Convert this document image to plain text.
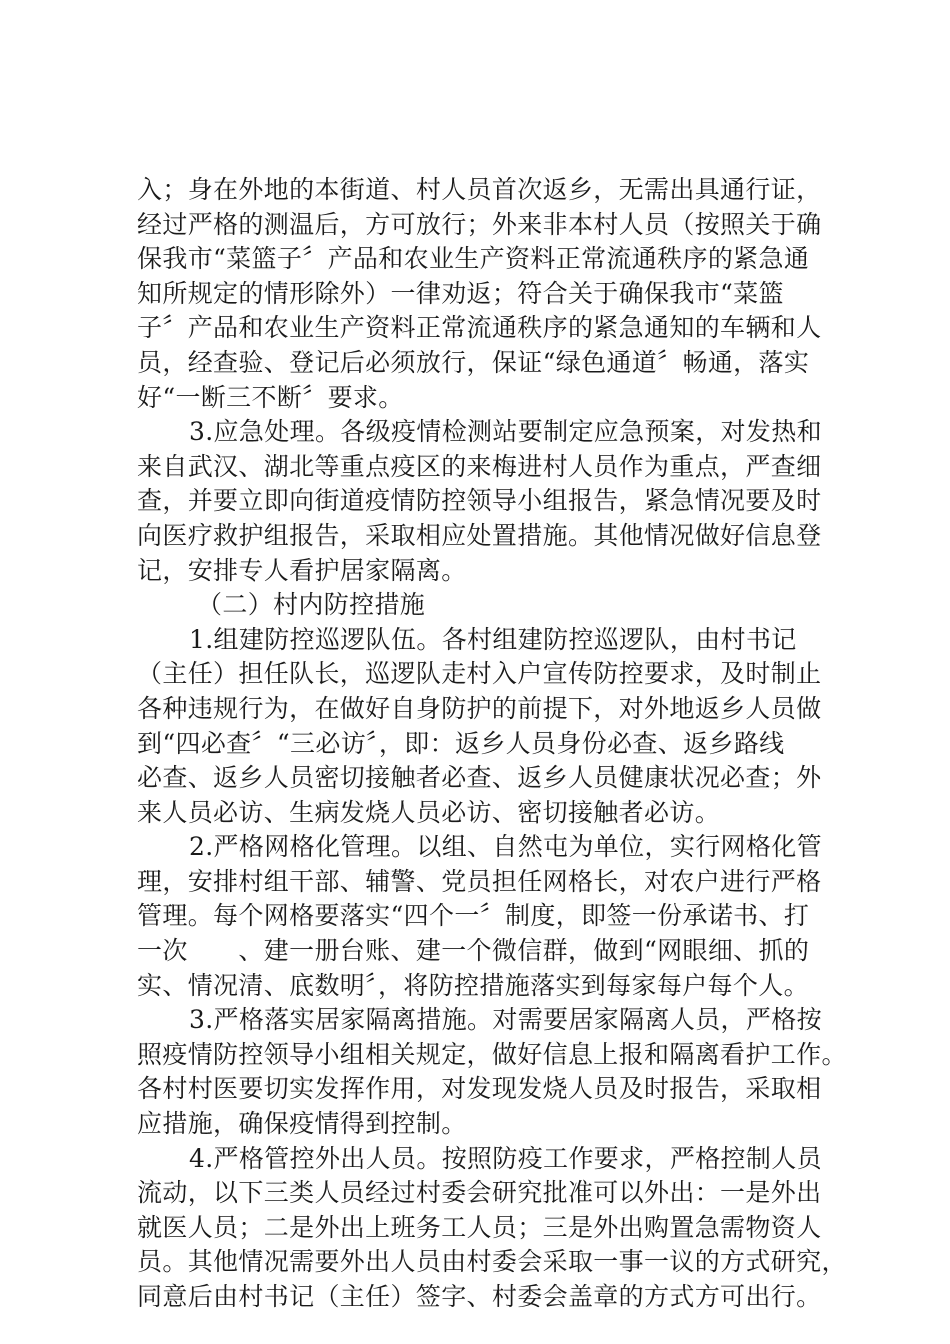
入；身在外地的本街道、村人员首次返乡，无需出具通行证，
经过严格的测温后，方可放行；外来非本村人员（按照关于确
保我市“菜篮子〞产品和农业生产资料正常流通秩序的紧急通
知所规定的情形除外）一律劝返；符合关于确保我市“菜篮
子〞产品和农业生产资料正常流通秩序的紧急通知的车辆和人
员，经查验、登记后必须放行，保证“绿色通道〞畅通，落实
好“一断三不断〞要求。
3.应急处理。各级疫情检测站要制定应急预案，对发热和
来自武汉、湖北等重点疫区的来梅进村人员作为重点，严查细
查，并要立即向街道疫情防控领导小组报告，紧急情况要及时
向医疗救护组报告，采取相应处置措施。其他情况做好信息登
记，安排专人看护居家隔离。
（二）村内防控措施
1.组建防控巡逻队伍。各村组建防控巡逻队，由村书记
（主任）担任队长，巡逻队走村入户宣传防控要求，及时制止
各种违规行为，在做好自身防护的前提下，对外地返乡人员做
到“四必查〞“三必访〞，即：返乡人员身份必查、返乡路线
必查、返乡人员密切接触者必查、返乡人员健康状况必查；外
来人员必访、生病发烧人员必访、密切接触者必访。
2.严格网格化管理。以组、自然屯为单位，实行网格化管
理，安排村组干部、辅警、党员担任网格长，对农户进行严格
管理。每个网格要落实“四个一〞制度，即签一份承诺书、打
一次　　、建一册台账、建一个微信群，做到“网眼细、抓的
实、情况清、底数明〞，将防控措施落实到每家每户每个人。
3.严格落实居家隔离措施。对需要居家隔离人员，严格按
照疫情防控领导小组相关规定，做好信息上报和隔离看护工作。
各村村医要切实发挥作用，对发现发烧人员及时报告，采取相
应措施，确保疫情得到控制。
4.严格管控外出人员。按照防疫工作要求，严格控制人员
流动，以下三类人员经过村委会研究批准可以外出：一是外出
就医人员；二是外出上班务工人员；三是外出购置急需物资人
员。其他情况需要外出人员由村委会采取一事一议的方式研究，
同意后由村书记（主任）签字、村委会盖章的方式方可出行。
